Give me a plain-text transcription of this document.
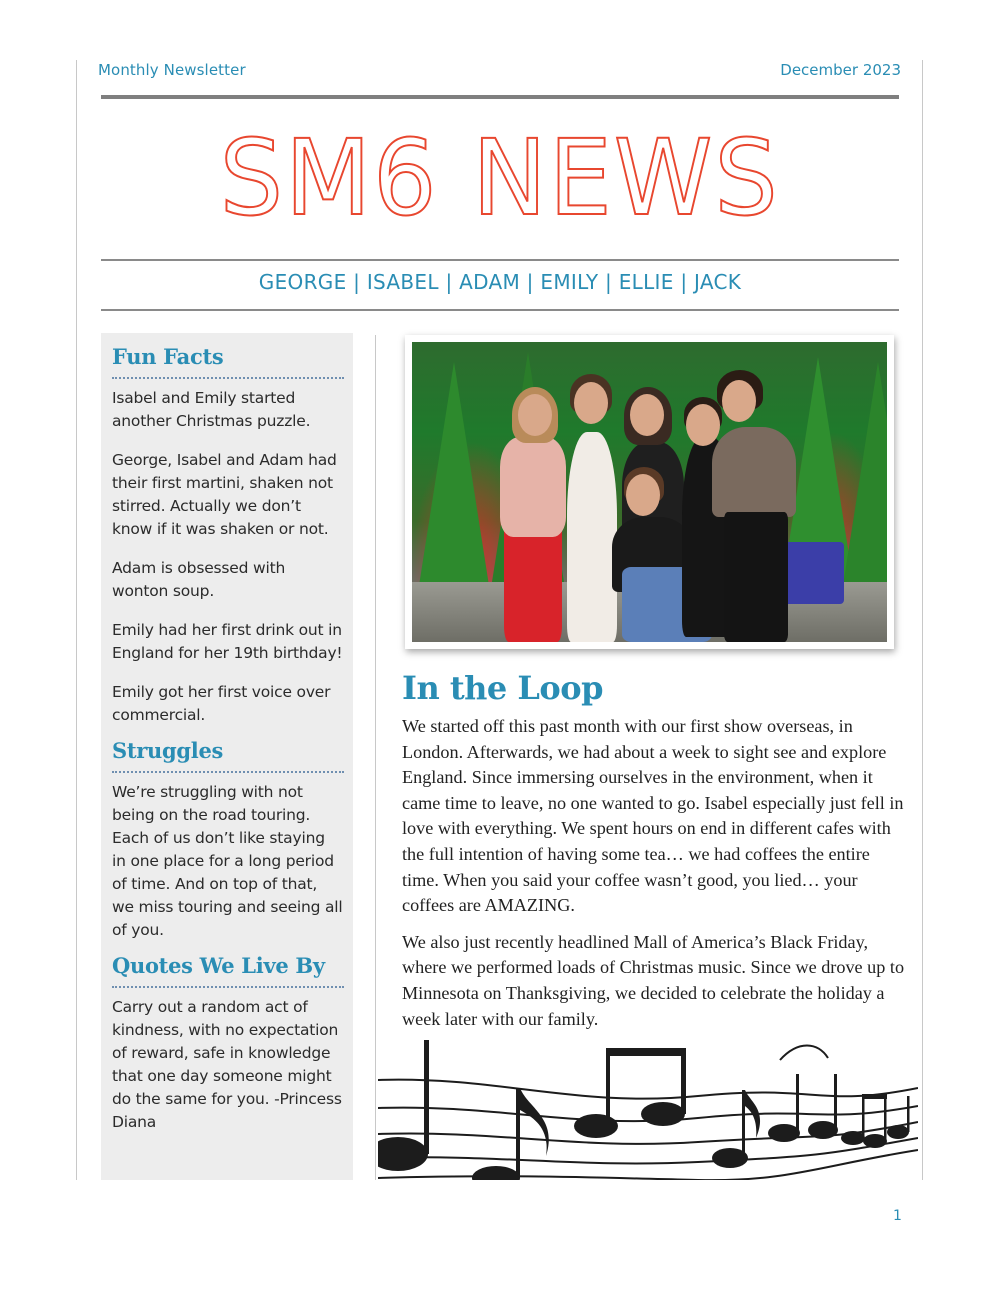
Monthly Newsletter	December 2023
SM6 NEWS
GEORGE | ISABEL | ADAM | EMILY | ELLIE | JACK
Fun Facts

Isabel and Emily started another Christmas puzzle.

George, Isabel and Adam had their first martini, shaken not stirred. Actually we don’t know if it was shaken or not.

Adam is obsessed with wonton soup.

Emily had her first drink out in England for her 19th birthday!

Emily got her first voice over commercial.

Struggles

We’re struggling with not being on the road touring. Each of us don’t like staying in one place for a long period of time. And on top of that, we miss touring and seeing all of you.

Quotes We Live By

Carry out a random act of kindness, with no expectation of reward, safe in knowledge that one day someone might do the same for you. -Princess Diana

In the Loop

We started off this past month with our first show overseas, in London. Afterwards, we had about a week to sight see and explore England. Since immersing ourselves in the environment, when it came time to leave, no one wanted to go. Isabel especially just fell in love with everything. We spent hours on end in different cafes with the full intention of having some tea… we had coffees the entire time. When you said your coffee wasn’t good, you lied… your coffees are AMAZING.

We also just recently headlined Mall of America’s Black Friday, where we performed loads of Christmas music. Since we drove up to Minnesota on Thanksgiving, we decided to celebrate the holiday a week later with our family.

1
